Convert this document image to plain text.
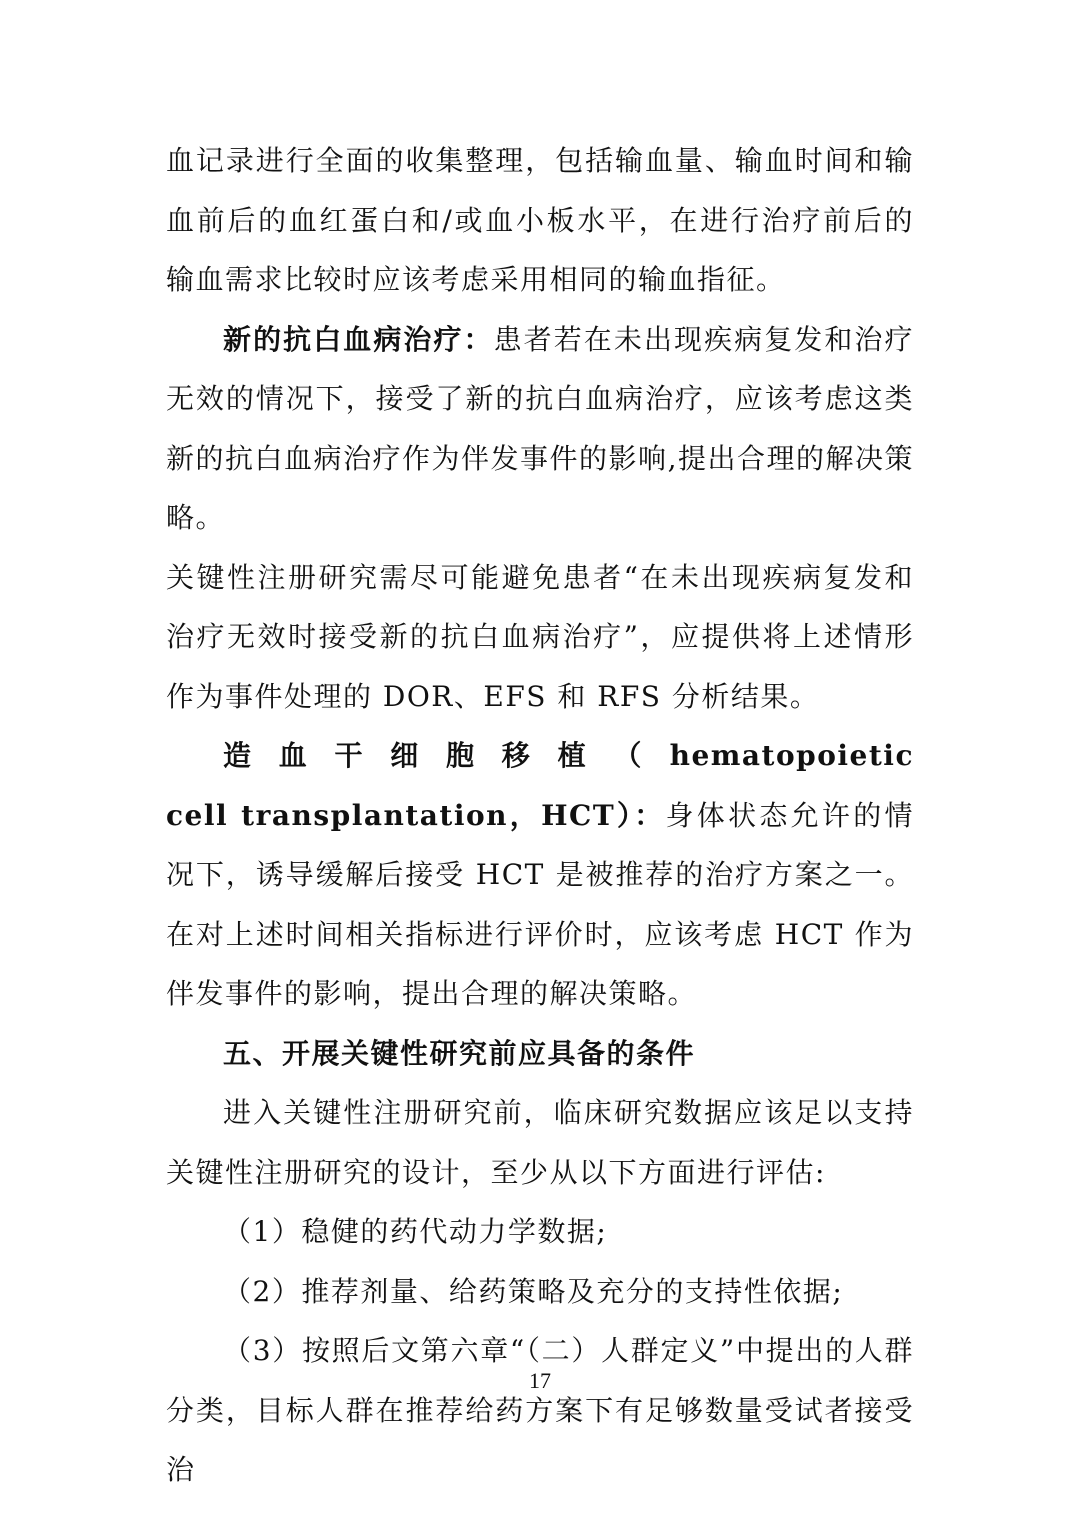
血记录进行全面的收集整理，包括输血量、输血时间和输血前后的血红蛋白和/或血小板水平，在进行治疗前后的输血需求比较时应该考虑采用相同的输血指征。

新的抗白血病治疗：患者若在未出现疾病复发和治疗无效的情况下，接受了新的抗白血病治疗，应该考虑这类新的抗白血病治疗作为伴发事件的影响,提出合理的解决策略。

关键性注册研究需尽可能避免患者“在未出现疾病复发和治疗无效时接受新的抗白血病治疗”，应提供将上述情形作为事件处理的 DOR、EFS 和 RFS 分析结果。

造血干细胞移植（ hematopoietic cell transplantation，HCT）：身体状态允许的情况下，诱导缓解后接受 HCT 是被推荐的治疗方案之一。在对上述时间相关指标进行评价时，应该考虑 HCT 作为伴发事件的影响，提出合理的解决策略。

五、开展关键性研究前应具备的条件

进入关键性注册研究前，临床研究数据应该足以支持关键性注册研究的设计，至少从以下方面进行评估:

（1）稳健的药代动力学数据;

（2）推荐剂量、给药策略及充分的支持性依据;

（3）按照后文第六章“（二）人群定义”中提出的人群分类，目标人群在推荐给药方案下有足够数量受试者接受治

17
